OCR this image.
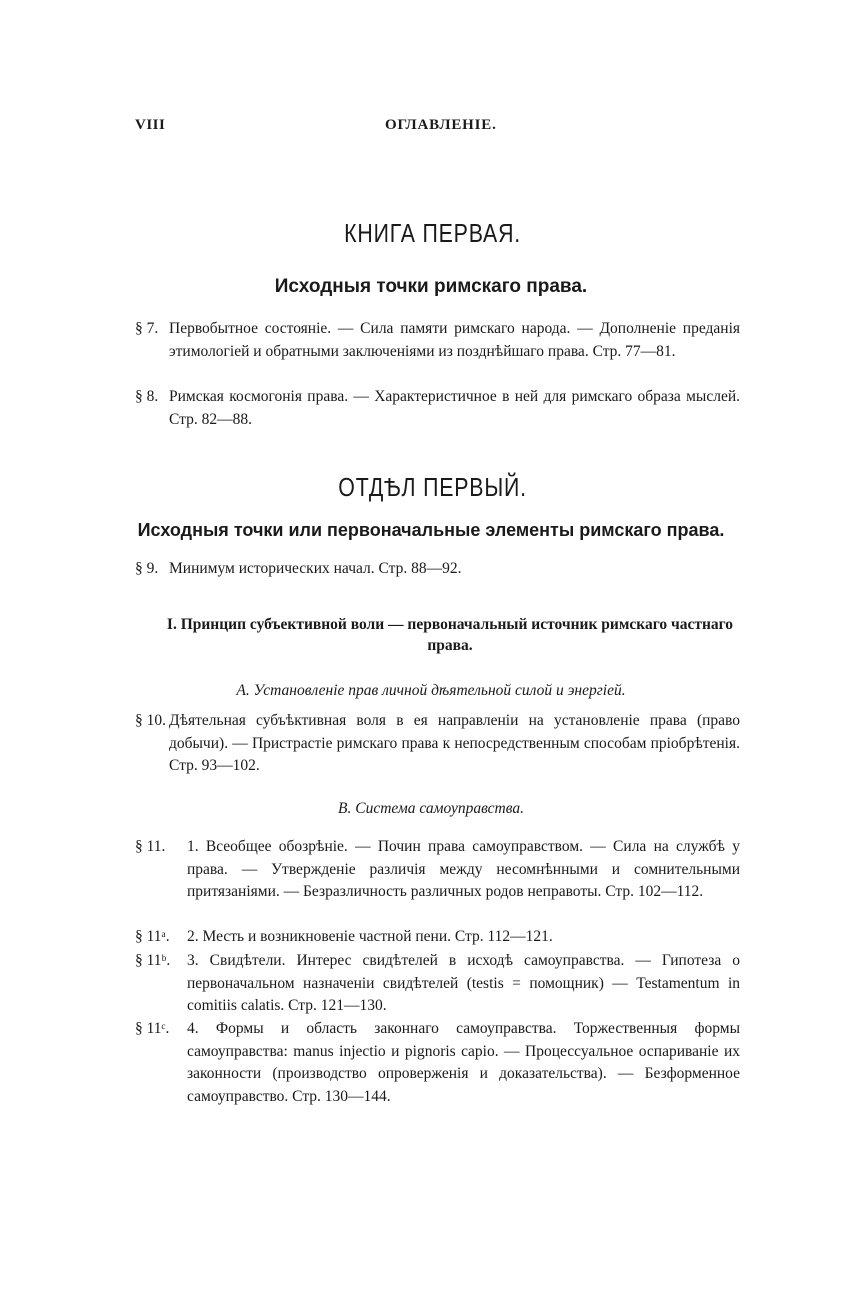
VIII	ОГЛАВЛЕНІЕ.
КНИГА ПЕРВАЯ.
Исходныя точки римскаго права.
§ 7. Первобытное состояніе. — Сила памяти римскаго народа. — Дополненіе преданія этимологіей и обратными заключеніями из позднѣйшаго права. Стр. 77—81.
§ 8. Римская космогонія права. — Характеристичное в ней для римскаго образа мыслей. Стр. 82—88.
ОТДѢЛ ПЕРВЫЙ.
Исходныя точки или первоначальные элементы римскаго права.
§ 9. Минимум исторических начал. Стр. 88—92.
I. Принцип субъективной воли — первоначальный источник римскаго частнаго права.
A. Установленіе прав личной дѣятельной силой и энергіей.
§ 10. Дѣятельная субъѣктивная воля в ея направленіи на установленіе права (право добычи). — Пристрастіе римскаго права к непосредственным способам пріобрѣтенія. Стр. 93—102.
B. Система самоуправства.
§ 11. 1. Всеобщее обозрѣніе. — Почин права самоуправством. — Сила на службѣ у права. — Утвержденіе различія между несомнѣнными и сомнительными притязаніями. — Безразличность различных родов неправоты. Стр. 102—112.
§ 11ᵃ. 2. Месть и возникновеніе частной пени. Стр. 112—121.
§ 11ᵇ. 3. Свидѣтели. Интерес свидѣтелей в исходѣ самоуправства. — Гипотеза о первоначальном назначеніи свидѣтелей (testis = помощник) — Testamentum in comitiis calatis. Стр. 121—130.
§ 11ᶜ. 4. Формы и область законнаго самоуправства. Торжественныя формы самоуправства: manus injectio и pignoris capio. — Процессуальное оспариваніе их законности (производство опроверженія и доказательства). — Безформенное самоуправство. Стр. 130—144.
